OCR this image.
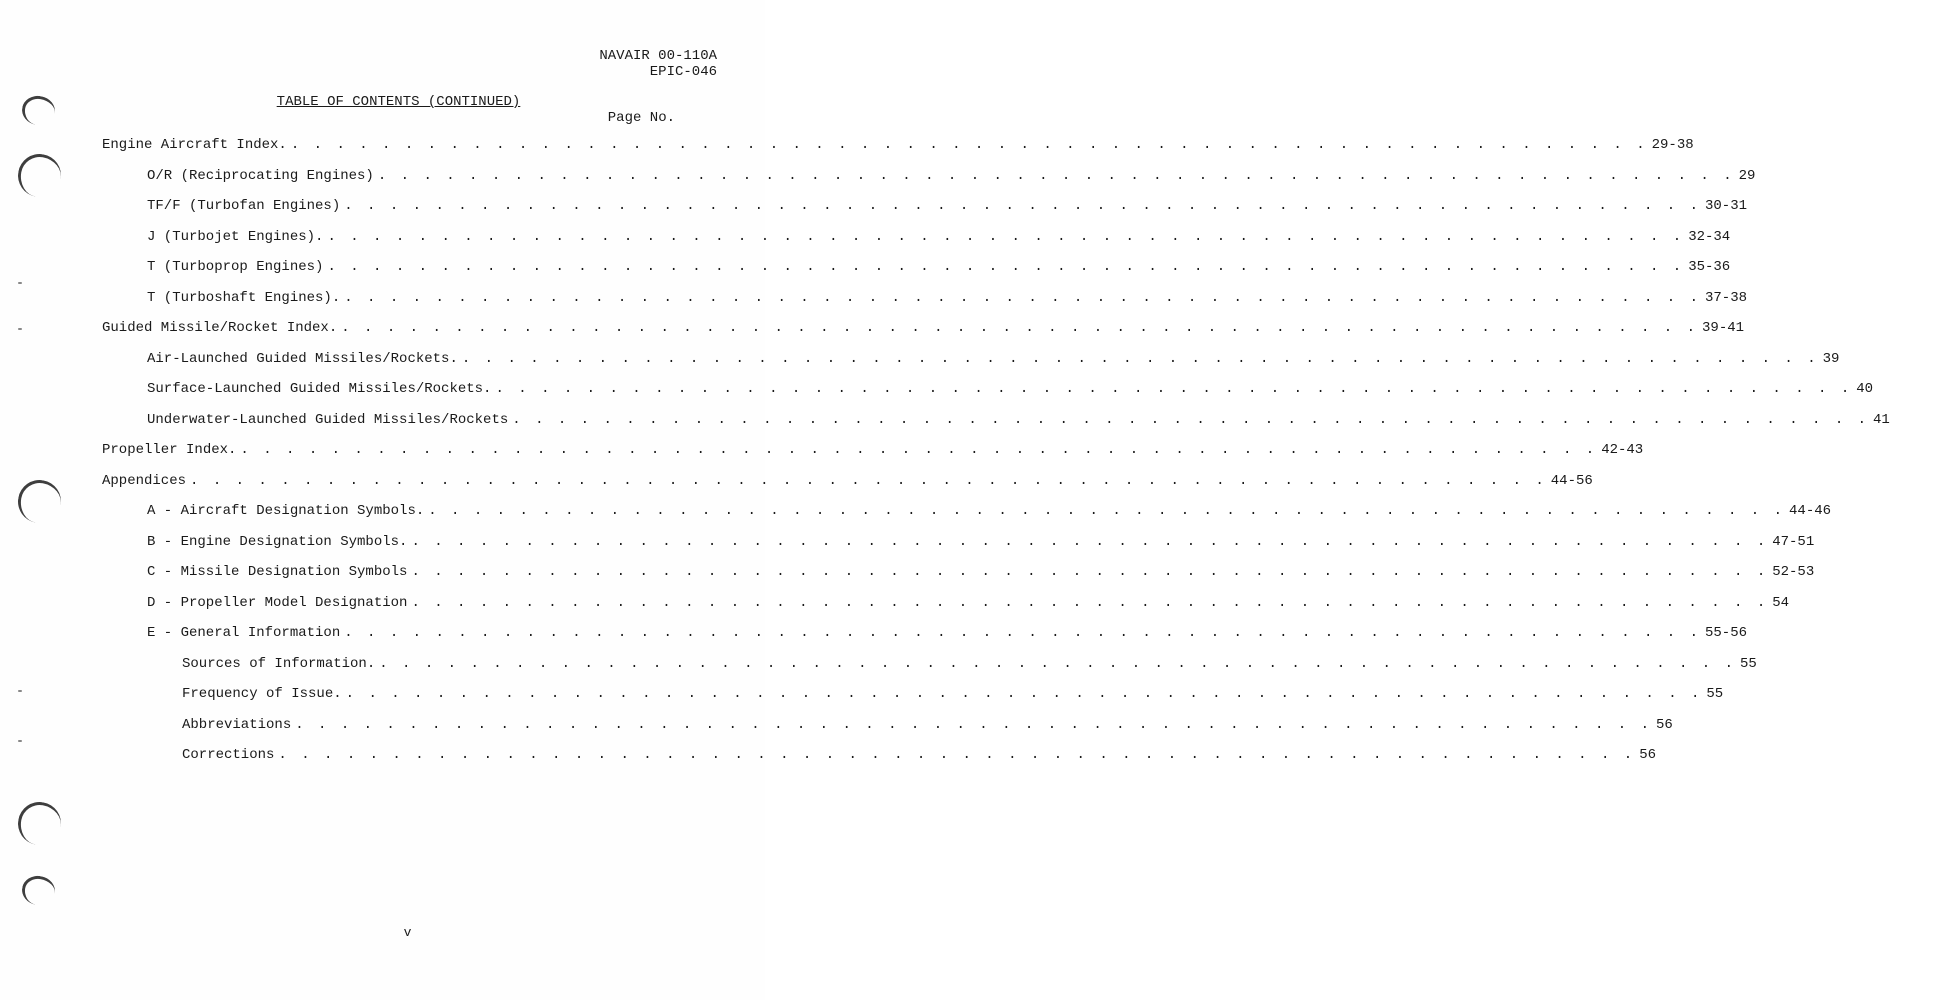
NAVAIR 00-110A
EPIC-046
TABLE OF CONTENTS (CONTINUED)
Page No.
Engine Aircraft Index. . . . . . . . . . . . . . . . . . . . . . . . . . . . . . . . . . . . . . . . . . . . . . . . . . . . . . . . . . . . . 29-38
O/R (Reciprocating Engines) . . . . . . . . . . . . . . . . . . . . . . . . . . . . . . . . . . . . . . . . . . . . . . . . . . . . . . . . . . . . 29
TF/F (Turbofan Engines) . . . . . . . . . . . . . . . . . . . . . . . . . . . . . . . . . . . . . . . . . . . . . . . . . . . . . . . . . . . . 30-31
J (Turbojet Engines). . . . . . . . . . . . . . . . . . . . . . . . . . . . . . . . . . . . . . . . . . . . . . . . . . . . . . . . . . . . . 32-34
T (Turboprop Engines) . . . . . . . . . . . . . . . . . . . . . . . . . . . . . . . . . . . . . . . . . . . . . . . . . . . . . . . . . . . . 35-36
T (Turboshaft Engines). . . . . . . . . . . . . . . . . . . . . . . . . . . . . . . . . . . . . . . . . . . . . . . . . . . . . . . . . . . . . 37-38
Guided Missile/Rocket Index. . . . . . . . . . . . . . . . . . . . . . . . . . . . . . . . . . . . . . . . . . . . . . . . . . . . . . . . . . . . . 39-41
Air-Launched Guided Missiles/Rockets. . . . . . . . . . . . . . . . . . . . . . . . . . . . . . . . . . . . . . . . . . . . . . . . . . . . . . . . . . . . . 39
Surface-Launched Guided Missiles/Rockets. . . . . . . . . . . . . . . . . . . . . . . . . . . . . . . . . . . . . . . . . . . . . . . . . . . . . . . . . . . . . 40
Underwater-Launched Guided Missiles/Rockets . . . . . . . . . . . . . . . . . . . . . . . . . . . . . . . . . . . . . . . . . . . . . . . . . . . . . . . . . . . . 41
Propeller Index. . . . . . . . . . . . . . . . . . . . . . . . . . . . . . . . . . . . . . . . . . . . . . . . . . . . . . . . . . . . . 42-43
Appendices . . . . . . . . . . . . . . . . . . . . . . . . . . . . . . . . . . . . . . . . . . . . . . . . . . . . . . . . . . . . 44-56
A - Aircraft Designation Symbols. . . . . . . . . . . . . . . . . . . . . . . . . . . . . . . . . . . . . . . . . . . . . . . . . . . . . . . . . . . . . 44-46
B - Engine Designation Symbols. . . . . . . . . . . . . . . . . . . . . . . . . . . . . . . . . . . . . . . . . . . . . . . . . . . . . . . . . . . . . 47-51
C - Missile Designation Symbols . . . . . . . . . . . . . . . . . . . . . . . . . . . . . . . . . . . . . . . . . . . . . . . . . . . . . . . . . . . . 52-53
D - Propeller Model Designation . . . . . . . . . . . . . . . . . . . . . . . . . . . . . . . . . . . . . . . . . . . . . . . . . . . . . . . . . . . . 54
E - General Information . . . . . . . . . . . . . . . . . . . . . . . . . . . . . . . . . . . . . . . . . . . . . . . . . . . . . . . . . . . . 55-56
Sources of Information. . . . . . . . . . . . . . . . . . . . . . . . . . . . . . . . . . . . . . . . . . . . . . . . . . . . . . . . . . . . . 55
Frequency of Issue. . . . . . . . . . . . . . . . . . . . . . . . . . . . . . . . . . . . . . . . . . . . . . . . . . . . . . . . . . . . . 55
Abbreviations . . . . . . . . . . . . . . . . . . . . . . . . . . . . . . . . . . . . . . . . . . . . . . . . . . . . . . . . . . . . 56
Corrections . . . . . . . . . . . . . . . . . . . . . . . . . . . . . . . . . . . . . . . . . . . . . . . . . . . . . . . . . . . . 56
v
